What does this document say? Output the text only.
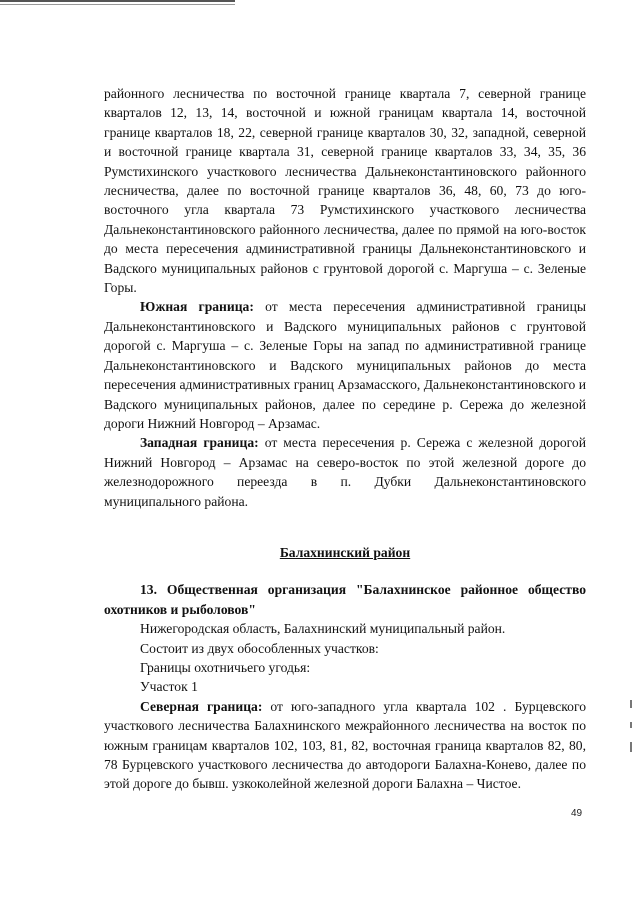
районного лесничества по восточной границе квартала 7, северной границе кварталов 12, 13, 14, восточной и южной границам квартала 14, восточной границе кварталов 18, 22, северной границе кварталов 30, 32, западной, северной и восточной границе квартала 31, северной границе кварталов 33, 34, 35, 36 Румстихинского участкового лесничества Дальнеконстантиновского районного лесничества, далее по восточной границе кварталов 36, 48, 60, 73 до юго-восточного угла квартала 73 Румстихинского участкового лесничества Дальнеконстантиновского районного лесничества, далее по прямой на юго-восток до места пересечения административной границы Дальнеконстантиновского и Вадского муниципальных районов с грунтовой дорогой с. Маргуша – с. Зеленые Горы.

Южная граница: от места пересечения административной границы Дальнеконстантиновского и Вадского муниципальных районов с грунтовой дорогой с. Маргуша – с. Зеленые Горы на запад по административной границе Дальнеконстантиновского и Вадского муниципальных районов до места пересечения административных границ Арзамасского, Дальнеконстантиновского и Вадского муниципальных районов, далее по середине р. Сережа до железной дороги Нижний Новгород – Арзамас.

Западная граница: от места пересечения р. Сережа с железной дорогой Нижний Новгород – Арзамас на северо-восток по этой железной дороге до железнодорожного переезда в п. Дубки Дальнеконстантиновского муниципального района.

Балахнинский район

13. Общественная организация "Балахнинское районное общество охотников и рыболовов"

Нижегородская область, Балахнинский муниципальный район.

Состоит из двух обособленных участков:

Границы охотничьего угодья:

Участок 1

Северная граница: от юго-западного угла квартала 102 . Бурцевского участкового лесничества Балахнинского межрайонного лесничества на восток по южным границам кварталов 102, 103, 81, 82, восточная граница кварталов 82, 80, 78 Бурцевского участкового лесничества до автодороги Балахна-Конево, далее по этой дороге до бывш. узкоколейной железной дороги Балахна – Чистое.

49
